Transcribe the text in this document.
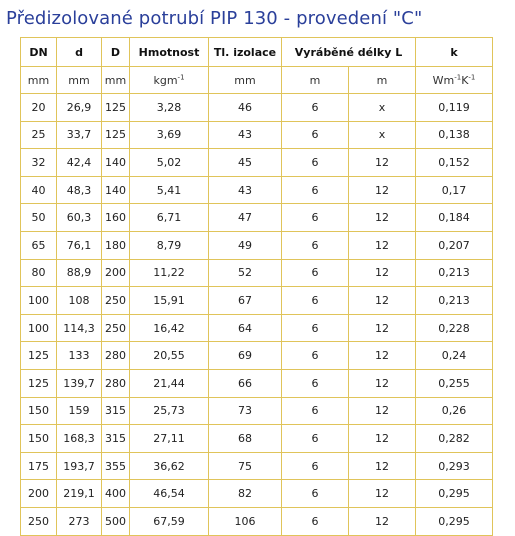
Předizolované potrubí PIP 130 - provedení "C"
DN	d	D	Hmotnost	Tl. izolace	Vyráběné délky L		k
mm	mm	mm	kgm$^{-1}$	mm	m	m	$Wm^{-1}K^{-1}$
20	26,9	125	3,28	46	6	x	0,119
25	33,7	125	3,69	43	6	x	0,138
32	42,4	140	5,02	45	6	12	0,152
40	48,3	140	5,41	43	6	12	0,17
50	60,3	160	6,71	47	6	12	0,184
65	76,1	180	8,79	49	6	12	0,207
80	88,9	200	11,22	52	6	12	0,213
100	108	250	15,91	67	6	12	0,213
100	114,3	250	16,42	64	6	12	0,228
125	133	280	20,55	69	6	12	0,24
125	139,7	280	21,44	66	6	12	0,255
150	159	315	25,73	73	6	12	0,26
150	168,3	315	27,11	68	6	12	0,282
175	193,7	355	36,62	75	6	12	0,293
200	219,1	400	46,54	82	6	12	0,295
250	273	500	67,59	106	6	12	0,295
